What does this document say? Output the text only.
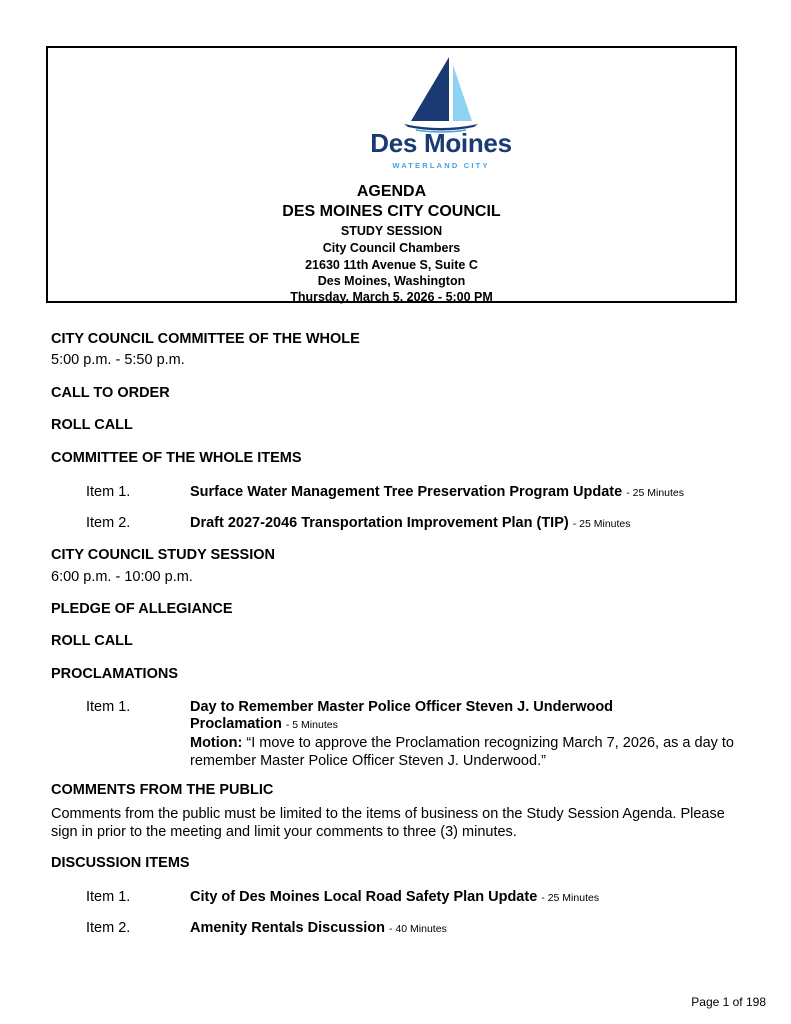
Des Moines
WATERLAND CITY
AGENDA
DES MOINES CITY COUNCIL
STUDY SESSION
City Council Chambers
21630 11th Avenue S, Suite C
Des Moines, Washington
Thursday, March 5, 2026 - 5:00 PM
CITY COUNCIL COMMITTEE OF THE WHOLE
5:00 p.m. - 5:50 p.m.
CALL TO ORDER
ROLL CALL
COMMITTEE OF THE WHOLE ITEMS
Item 1.	Surface Water Management Tree Preservation Program Update - 25 Minutes
Item 2.	Draft 2027-2046 Transportation Improvement Plan (TIP) - 25 Minutes
CITY COUNCIL STUDY SESSION
6:00 p.m. - 10:00 p.m.
PLEDGE OF ALLEGIANCE
ROLL CALL
PROCLAMATIONS
Item 1.	Day to Remember Master Police Officer Steven J. Underwood
Proclamation - 5 Minutes
Motion: “I move to approve the Proclamation recognizing March 7, 2026, as a day to remember Master Police Officer Steven J. Underwood.”
COMMENTS FROM THE PUBLIC
Comments from the public must be limited to the items of business on the Study Session Agenda. Please sign in prior to the meeting and limit your comments to three (3) minutes.
DISCUSSION ITEMS
Item 1.	City of Des Moines Local Road Safety Plan Update - 25 Minutes
Item 2.	Amenity Rentals Discussion - 40 Minutes
Page 1 of 198
